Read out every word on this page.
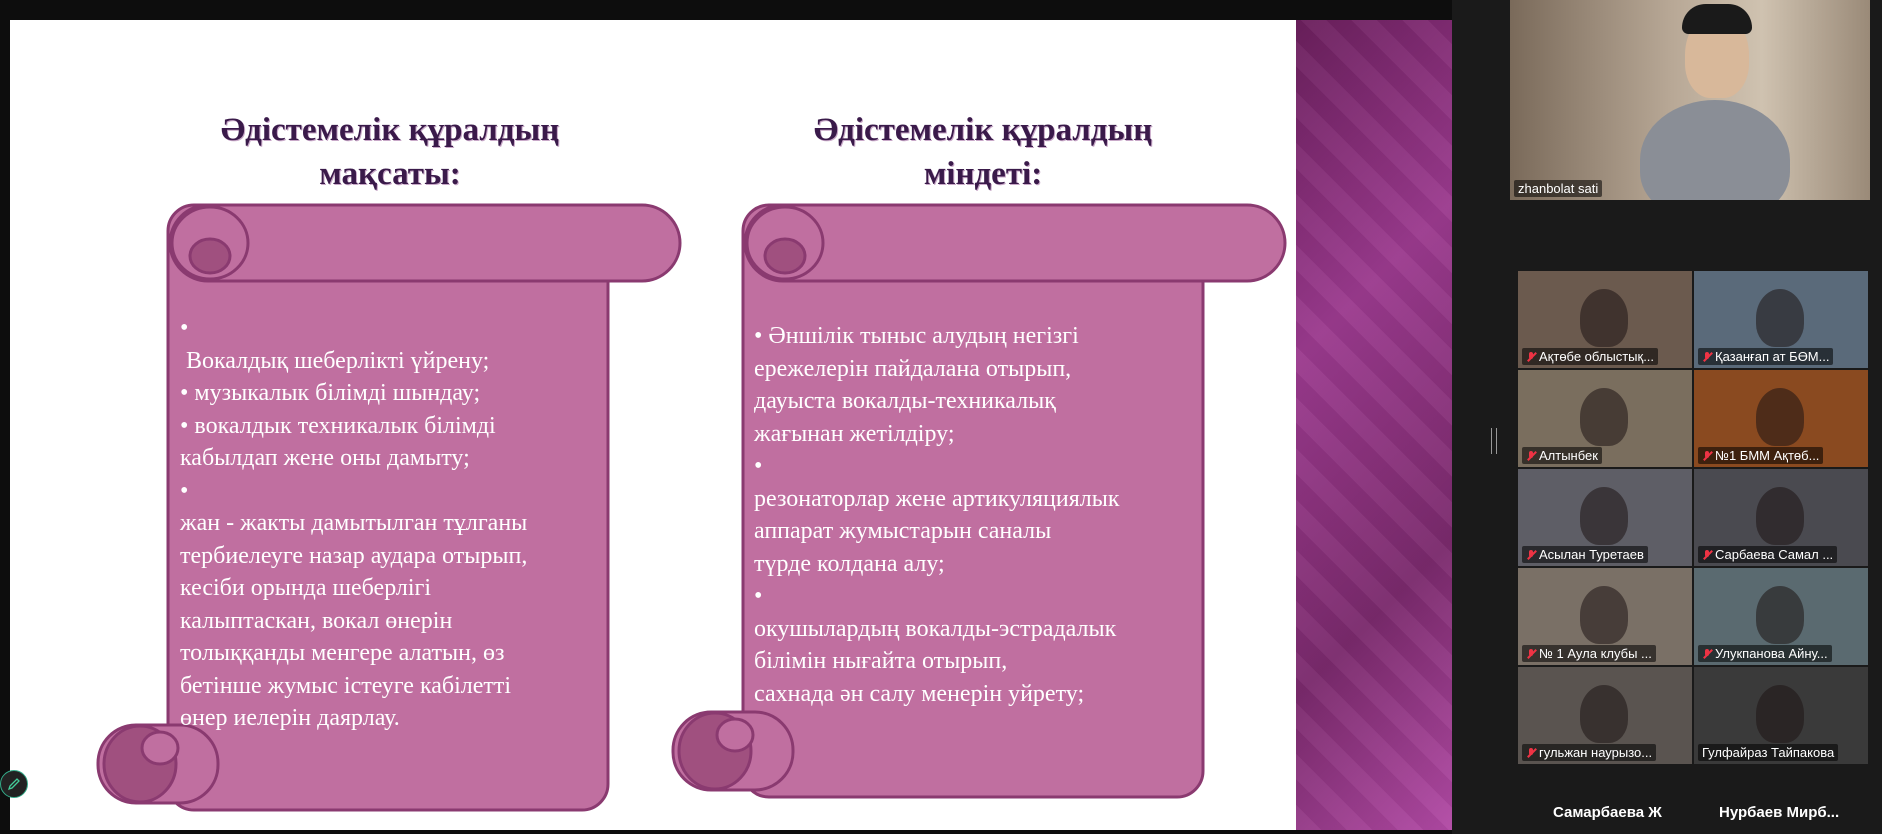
Әдістемелік құралдың
мақсаты:
Әдістемелік құралдың
міндеті:
•
Вокалдық шеберлікті үйрену;
• музыкалык білімді шындау;
• вокалдык техникалык білімді
кабылдап жене оны дамыту;
•
жан - жакты дамытылган тұлганы
тербиелеуге назар аудара отырып,
кесіби орында шеберлігі
калыптаскан, вокал өнерін
толыққанды менгере алатын, өз
бетінше жумыс істеуге кабілетті
өнер иелерін даярлау.
• Әншілік тыныс алудың негізгі
ережелерін пайдалана отырып,
дауыста вокалды-техникалық
жағынан жетілдіру;
•
резонаторлар жене артикуляциялык
аппарат жумыстарын саналы
түрде колдана алу;
•
окушылардың вокалды-эстрадалык
білімін нығайта отырып,
сахнада ән салу менерін уйрету;
zhanbolat sati
Ақтөбе облыстық...	Қазанғап ат БӨМ...
Алтынбек	№1 БММ Ақтөб...
Асылан Туретаев	Сарбаева Самал ...
№ 1 Аула клубы ...	Улукпанова Айну...
гульжан наурызо...	Гулфайраз Тайпакова
Самарбаева Ж	Нурбаев Мирб...
